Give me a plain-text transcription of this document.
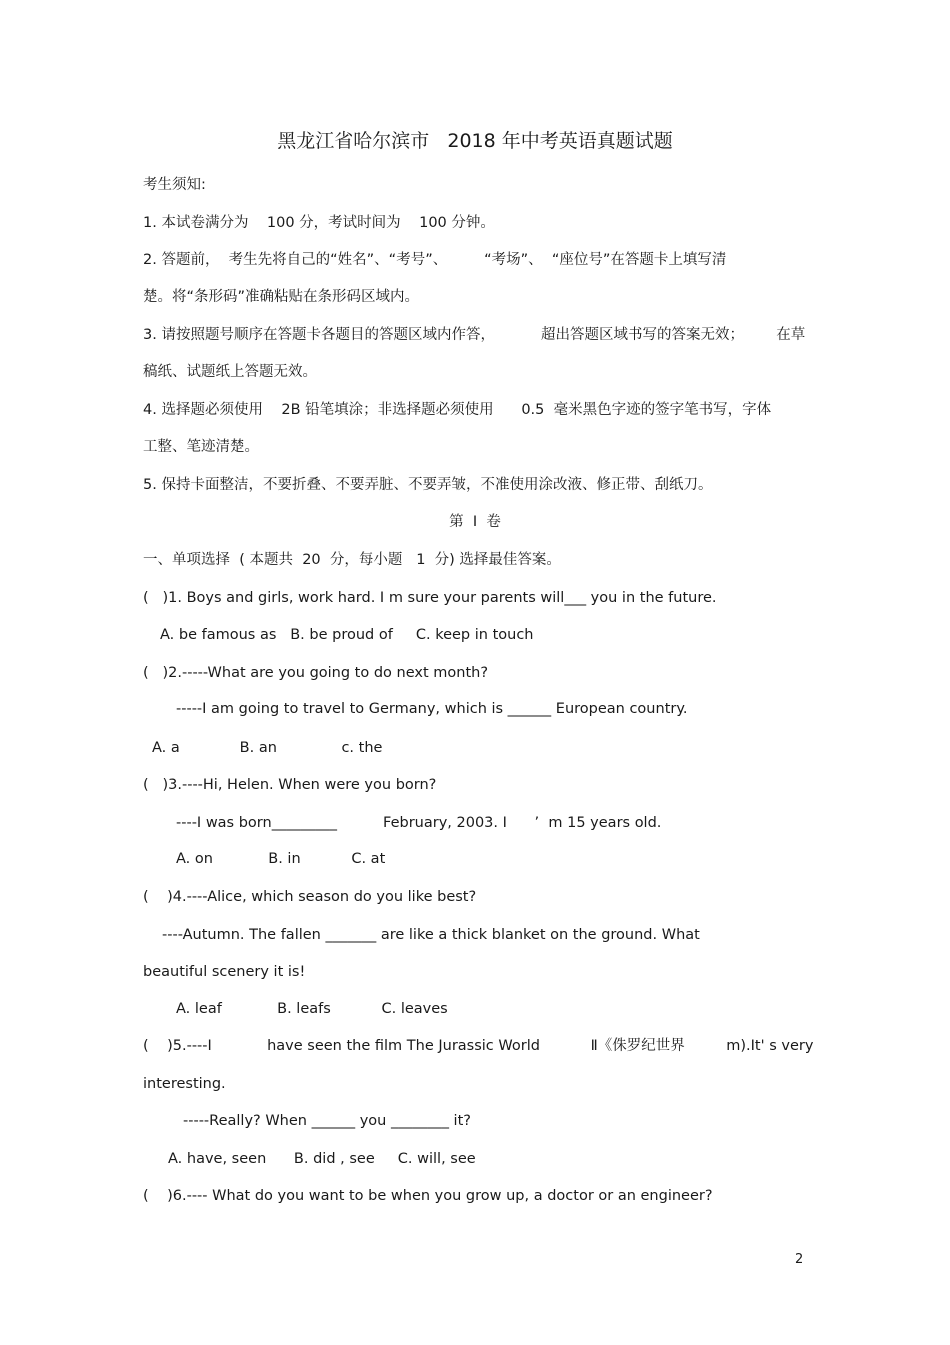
黑龙江省哈尔滨市   2018 年中考英语真题试题
考生须知:
1. 本试卷满分为    100 分，考试时间为    100 分钟。
2. 答题前，  考生先将自己的“姓名”、“考号”、        “考场”、  “座位号”在答题卡上填写清
楚。将“条形码”准确粘贴在条形码区域内。
3. 请按照题号顺序在答题卡各题目的答题区域内作答，          超出答题区域书写的答案无效；       在草
稿纸、试题纸上答题无效。
4. 选择题必须使用    2B 铅笔填涂；非选择题必须使用      0.5  毫米黑色字迹的签字笔书写，字体
工整、笔迹清楚。
5. 保持卡面整洁，不要折叠、不要弄脏、不要弄皱，不准使用涂改液、修正带、刮纸刀。
第  I  卷
一、单项选择  ( 本题共  20  分，每小题   1  分) 选择最佳答案。
(   )1. Boys and girls, work hard. I m sure your parents will___ you in the future.
A. be famous as   B. be proud of     C. keep in touch
(   )2.-----What are you going to do next month?
-----I am going to travel to Germany, which is ______ European country.
A. a             B. an              c. the
(   )3.----Hi, Helen. When were you born?
----I was born_________          February, 2003. I      ’  m 15 years old.
A. on            B. in           C. at
(    )4.----Alice, which season do you like best?
----Autumn. The fallen _______ are like a thick blanket on the ground. What
beautiful scenery it is!
A. leaf            B. leafs           C. leaves
(    )5.----I            have seen the film The Jurassic World           Ⅱ《侏罗纪世界         m).It' s very
interesting.
-----Really? When ______ you ________ it?
A. have, seen      B. did , see     C. will, see
(    )6.---- What do you want to be when you grow up, a doctor or an engineer?
2
